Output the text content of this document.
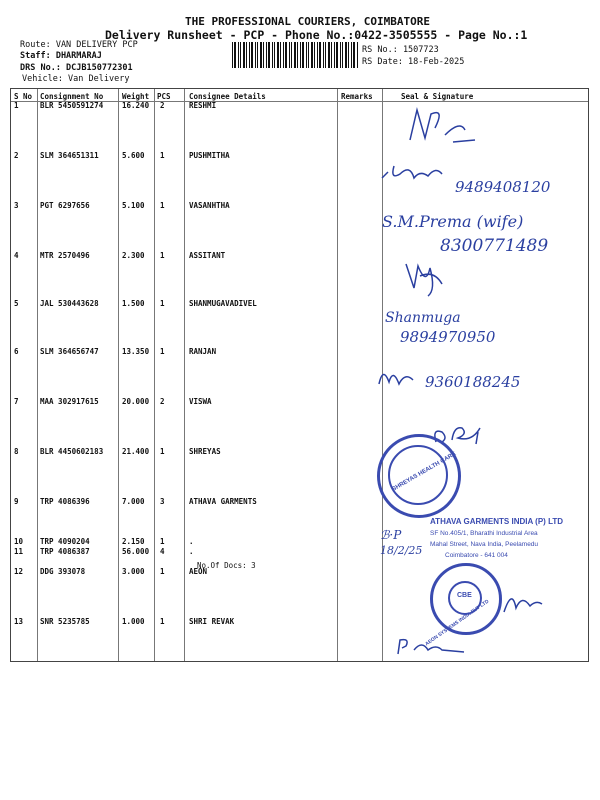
THE PROFESSIONAL COURIERS, COIMBATORE
Delivery Runsheet - PCP - Phone No.:0422-3505555 - Page No.:1
Route: VAN DELIVERY PCP
Staff: DHARMARAJ
DRS No.: DCJB150772301
Vehicle: Van Delivery
RS No.: 1507723
RS Date: 18-Feb-2025
S No Consignment No	Weight PCS Consignee Details	Remarks	Seal & Signature
1	BLR 5450591274	16.240 2	RESHMI
2	SLM 364651311	5.600 1	PUSHMITHA
3	PGT 6297656	5.100 1	VASANHTHA
4	MTR 2570496	2.300 1	ASSITANT
5	JAL 530443628	1.500 1	SHANMUGAVADIVEL
6	SLM 364656747	13.350 1	RANJAN
7	MAA 302917615	20.000 2	VISWA
8	BLR 4450602183	21.400 1	SHREYAS
9	TRP 4086396	7.000 3	ATHAVA GARMENTS
10 TRP 4090204	2.150 1	.
11 TRP 4086387	56.000 4	.
12 DDG 393078	3.000 1	AEON
13 SNR 5235785	1.000 1	SHRI REVAK
No.Of Docs: 3
9489408120
S.M.Prema (wife)
8300771489
Shanmuga
9894970950
9360188245
SHREYAS HEALTH CARE
ATHAVA GARMENTS INDIA (P) LTD
SF No.405/1, Bharathi Industrial Area
Mahal Street, Nava India, Peelamedu
Coimbatore - 641 004
ℬ·P
18/2/25
CBE
AEON SYSTEMS INDIA PVT LTD
